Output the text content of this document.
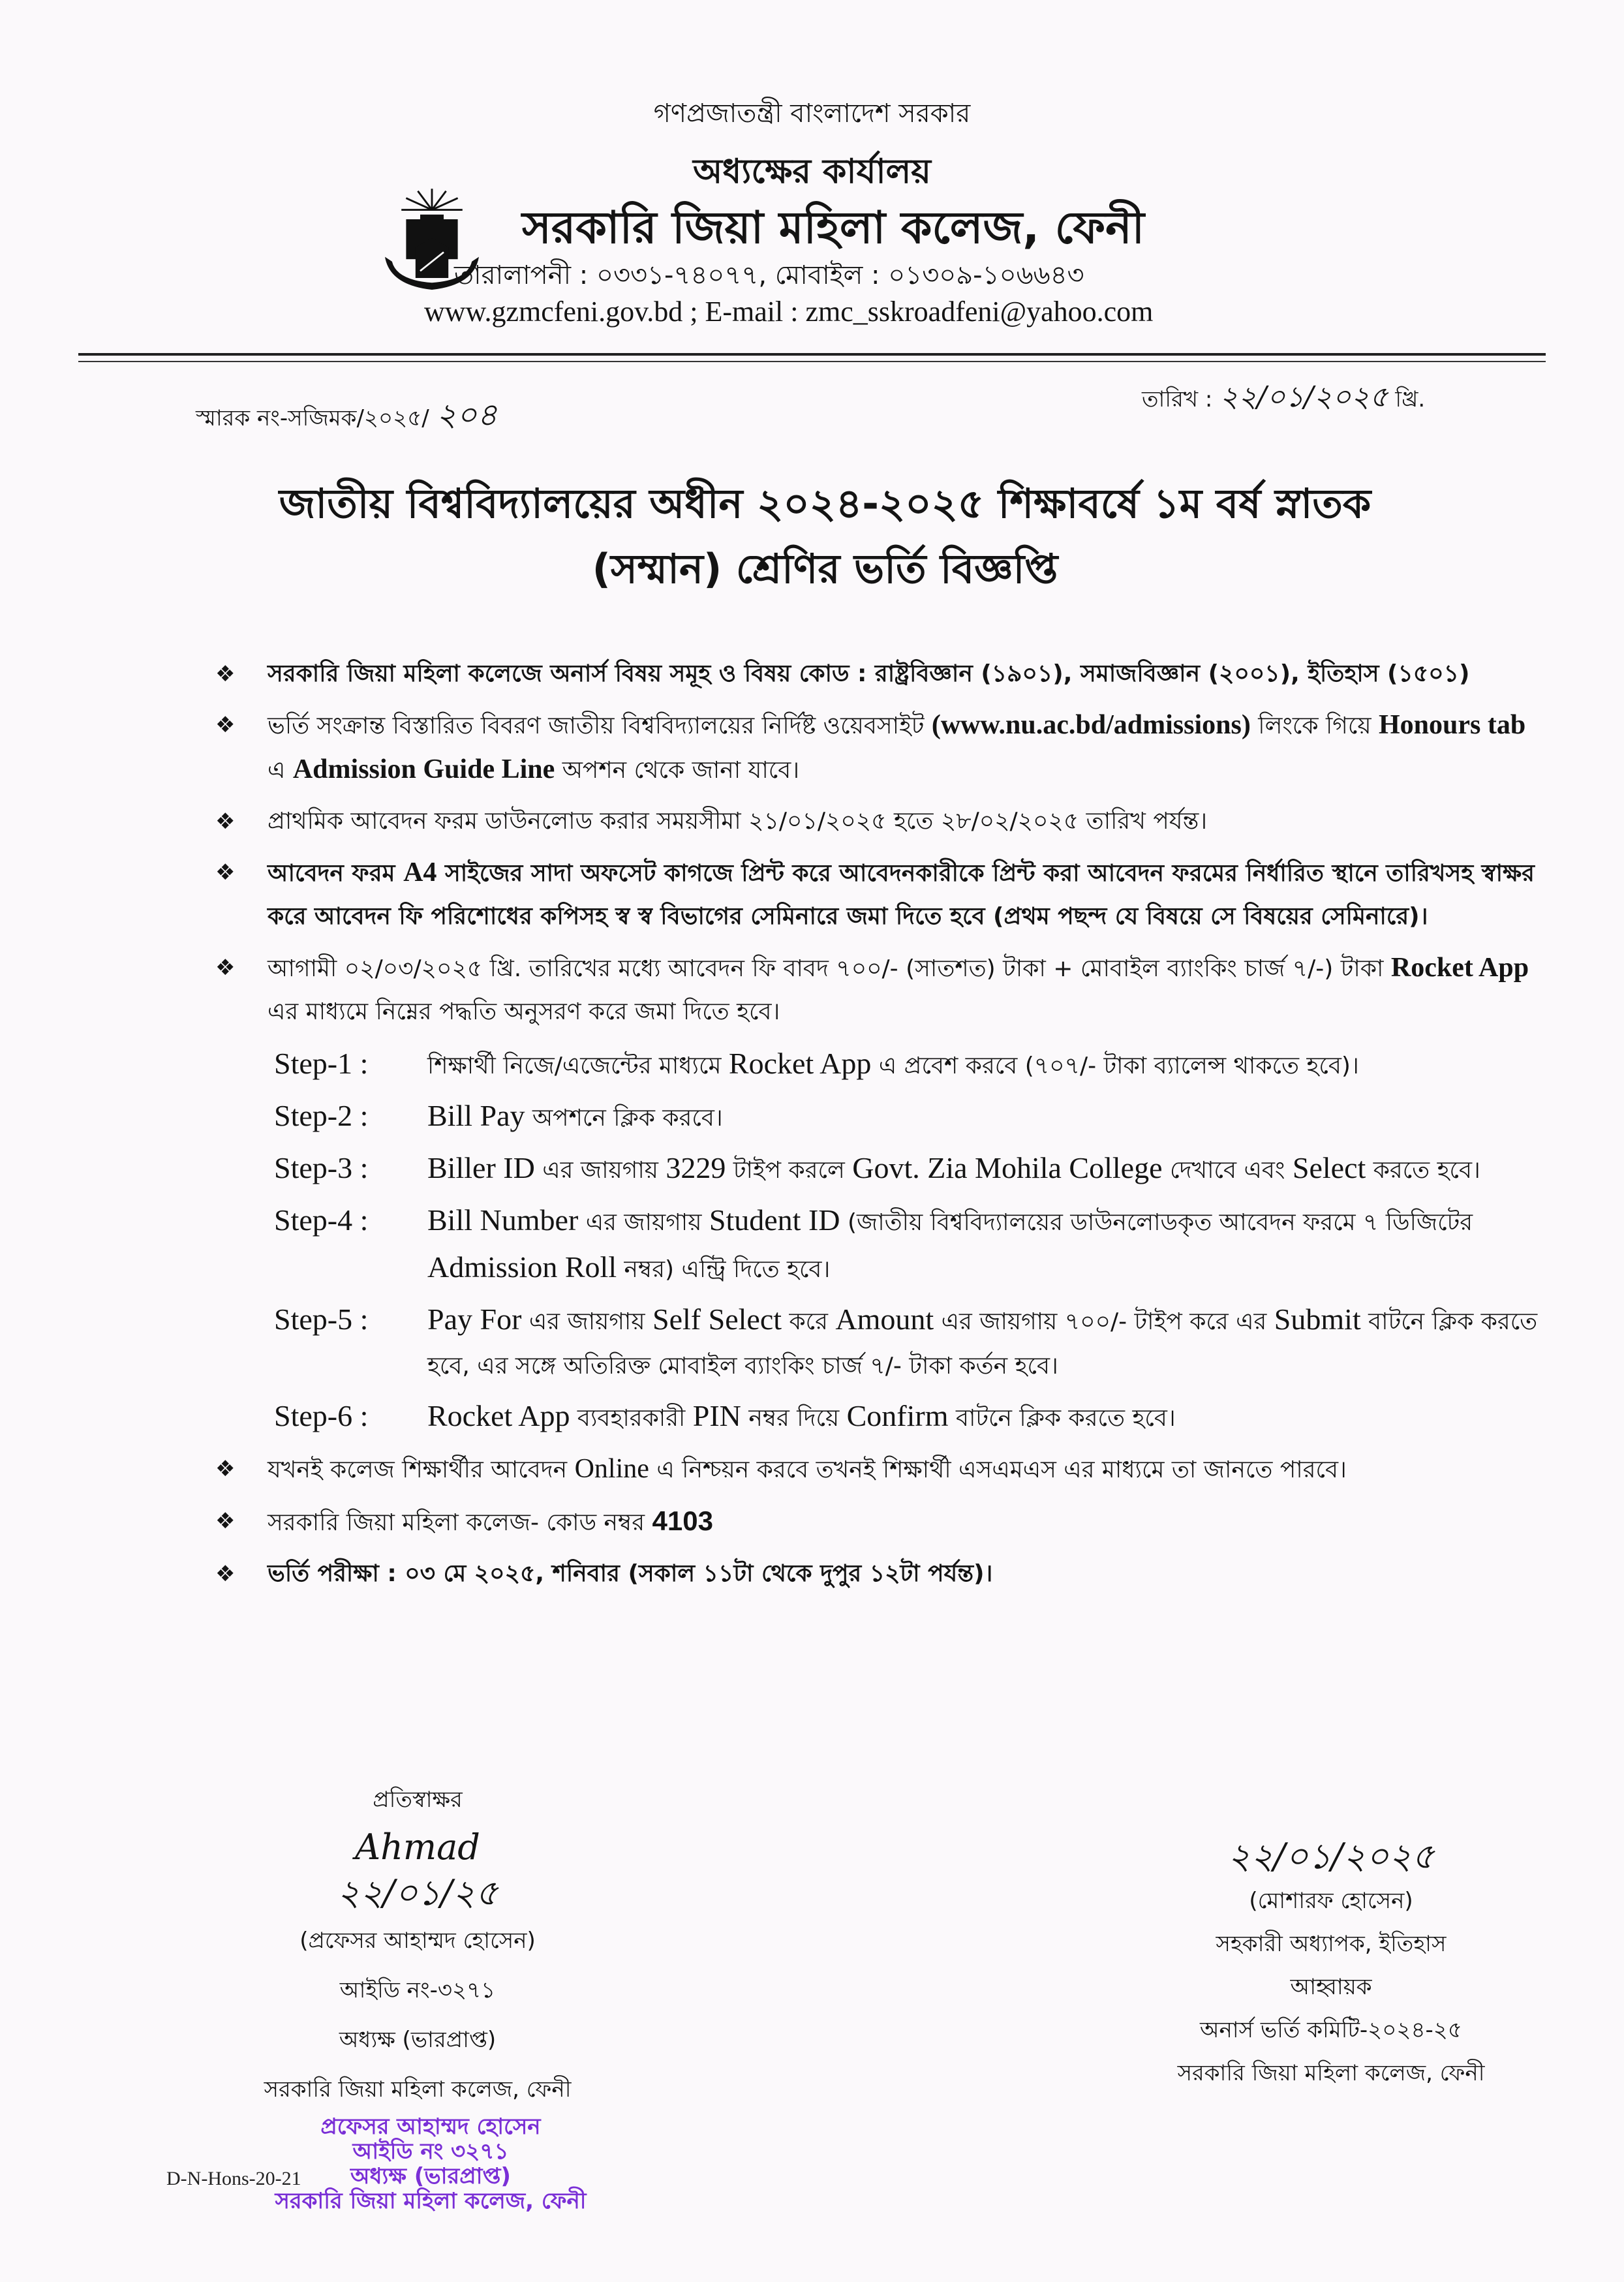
গণপ্রজাতন্ত্রী বাংলাদেশ সরকার
অধ্যক্ষের কার্যালয়
সরকারি জিয়া মহিলা কলেজ, ফেনী
তারালাপনী : ০৩৩১-৭৪০৭৭, মোবাইল : ০১৩০৯-১০৬৬৪৩
www.gzmcfeni.gov.bd ; E-mail : zmc_sskroadfeni@yahoo.com
স্মারক নং-সজিমক/২০২৫/ ২০৪	তারিখ : ২২/০১/২০২৫ খ্রি.
জাতীয় বিশ্ববিদ্যালয়ের অধীন ২০২৪-২০২৫ শিক্ষাবর্ষে ১ম বর্ষ স্নাতক
(সম্মান) শ্রেণির ভর্তি বিজ্ঞপ্তি
❖ সরকারি জিয়া মহিলা কলেজে অনার্স বিষয় সমূহ ও বিষয় কোড : রাষ্ট্রবিজ্ঞান (১৯০১), সমাজবিজ্ঞান (২০০১), ইতিহাস (১৫০১)
❖ ভর্তি সংক্রান্ত বিস্তারিত বিবরণ জাতীয় বিশ্ববিদ্যালয়ের নির্দিষ্ট ওয়েবসাইট (www.nu.ac.bd/admissions) লিংকে গিয়ে Honours tab এ Admission Guide Line অপশন থেকে জানা যাবে।
❖ প্রাথমিক আবেদন ফরম ডাউনলোড করার সময়সীমা ২১/০১/২০২৫ হতে ২৮/০২/২০২৫ তারিখ পর্যন্ত।
❖ আবেদন ফরম A4 সাইজের সাদা অফসেট কাগজে প্রিন্ট করে আবেদনকারীকে প্রিন্ট করা আবেদন ফরমের নির্ধারিত স্থানে তারিখসহ স্বাক্ষর করে আবেদন ফি পরিশোধের কপিসহ স্ব স্ব বিভাগের সেমিনারে জমা দিতে হবে (প্রথম পছন্দ যে বিষয়ে সে বিষয়ের সেমিনারে)।
❖ আগামী ০২/০৩/২০২৫ খ্রি. তারিখের মধ্যে আবেদন ফি বাবদ ৭০০/- (সাতশত) টাকা + মোবাইল ব্যাংকিং চার্জ ৭/-) টাকা Rocket App এর মাধ্যমে নিম্নের পদ্ধতি অনুসরণ করে জমা দিতে হবে।
Step-1 :	শিক্ষার্থী নিজে/এজেন্টের মাধ্যমে Rocket App এ প্রবেশ করবে (৭০৭/- টাকা ব্যালেন্স থাকতে হবে)।
Step-2 :	Bill Pay অপশনে ক্লিক করবে।
Step-3 :	Biller ID এর জায়গায় 3229 টাইপ করলে Govt. Zia Mohila College দেখাবে এবং Select করতে হবে।
Step-4 :	Bill Number এর জায়গায় Student ID (জাতীয় বিশ্ববিদ্যালয়ের ডাউনলোডকৃত আবেদন ফরমে ৭ ডিজিটের Admission Roll নম্বর) এন্ট্রি দিতে হবে।
Step-5 :	Pay For এর জায়গায় Self Select করে Amount এর জায়গায় ৭০০/- টাইপ করে এর Submit বাটনে ক্লিক করতে হবে, এর সঙ্গে অতিরিক্ত মোবাইল ব্যাংকিং চার্জ ৭/- টাকা কর্তন হবে।
Step-6 :	Rocket App ব্যবহারকারী PIN নম্বর দিয়ে Confirm বাটনে ক্লিক করতে হবে।
❖ যখনই কলেজ শিক্ষার্থীর আবেদন Online এ নিশ্চয়ন করবে তখনই শিক্ষার্থী এসএমএস এর মাধ্যমে তা জানতে পারবে।
❖ সরকারি জিয়া মহিলা কলেজ- কোড নম্বর 4103
❖ ভর্তি পরীক্ষা : ০৩ মে ২০২৫, শনিবার (সকাল ১১টা থেকে দুপুর ১২টা পর্যন্ত)।
প্রতিস্বাক্ষর
Ahmad
২২/০১/২৫
(প্রফেসর আহাম্মদ হোসেন)
আইডি নং-৩২৭১
অধ্যক্ষ (ভারপ্রাপ্ত)
সরকারি জিয়া মহিলা কলেজ, ফেনী
প্রফেসর আহাম্মদ হোসেন
আইডি নং ৩২৭১
অধ্যক্ষ (ভারপ্রাপ্ত)
সরকারি জিয়া মহিলা কলেজ, ফেনী
D-N-Hons-20-21
২২/০১/২০২৫
(মোশারফ হোসেন)
সহকারী অধ্যাপক, ইতিহাস
আহ্বায়ক
অনার্স ভর্তি কমিটি-২০২৪-২৫
সরকারি জিয়া মহিলা কলেজ, ফেনী
